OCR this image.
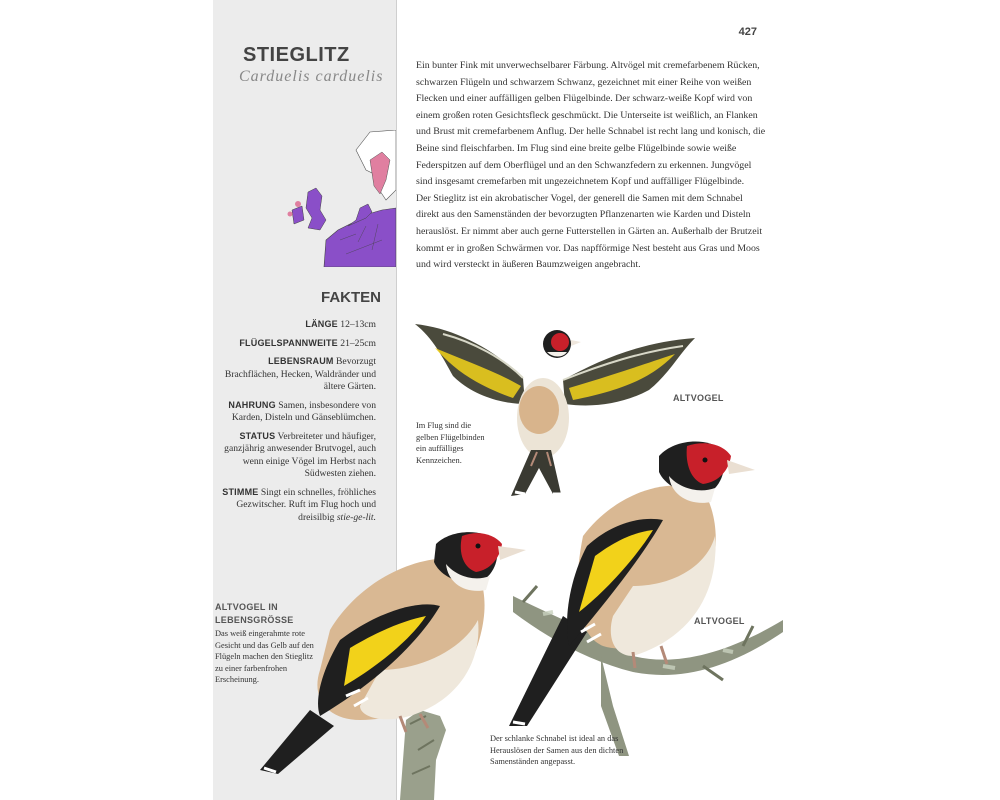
427
STIEGLITZ
Carduelis carduelis
FAKTEN
LÄNGE 12–13cm
FLÜGELSPANNWEITE 21–25cm
LEBENSRAUM Bevorzugt Brachflächen, Hecken, Waldränder und ältere Gärten.
NAHRUNG Samen, insbesondere von Karden, Disteln und Gänseblümchen.
STATUS Verbreiteter und häufiger, ganzjährig anwesender Brutvogel, auch wenn einige Vögel im Herbst nach Südwesten ziehen.
STIMME Singt ein schnelles, fröhliches Gezwitscher. Ruft im Flug hoch und dreisilbig stie-ge-lit.

Ein bunter Fink mit unverwechselbarer Färbung. Altvögel mit cremefarbenem Rücken, schwarzen Flügeln und schwarzem Schwanz, gezeichnet mit einer Reihe von weißen Flecken und einer auffälligen gelben Flügelbinde. Der schwarz-weiße Kopf wird von einem großen roten Gesichtsfleck geschmückt. Die Unterseite ist weißlich, an Flanken und Brust mit cremefarbenem Anflug. Der helle Schnabel ist recht lang und konisch, die Beine sind fleischfarben. Im Flug sind eine breite gelbe Flügelbinde sowie weiße Federspitzen auf dem Oberflügel und an den Schwanzfedern zu erkennen. Jungvögel sind insgesamt cremefarben mit ungezeichnetem Kopf und auffälliger Flügelbinde.

Der Stieglitz ist ein akrobatischer Vogel, der generell die Samen mit dem Schnabel direkt aus den Samenständen der bevorzugten Pflanzenarten wie Karden und Disteln herauslöst. Er nimmt aber auch gerne Futterstellen in Gärten an. Außerhalb der Brutzeit kommt er in großen Schwärmen vor. Das napfförmige Nest besteht aus Gras und Moos und wird versteckt in äußeren Baumzweigen angebracht.

ALTVOGEL
Im Flug sind die gelben Flügelbinden ein auffälliges Kennzeichen.
ALTVOGEL IN
LEBENSGRÖSSE
Das weiß eingerahmte rote Gesicht und das Gelb auf den Flügeln machen den Stieglitz zu einer farbenfrohen Erscheinung.
ALTVOGEL
Der schlanke Schnabel ist ideal an das Herauslösen der Samen aus den dichten Samenständen angepasst.
